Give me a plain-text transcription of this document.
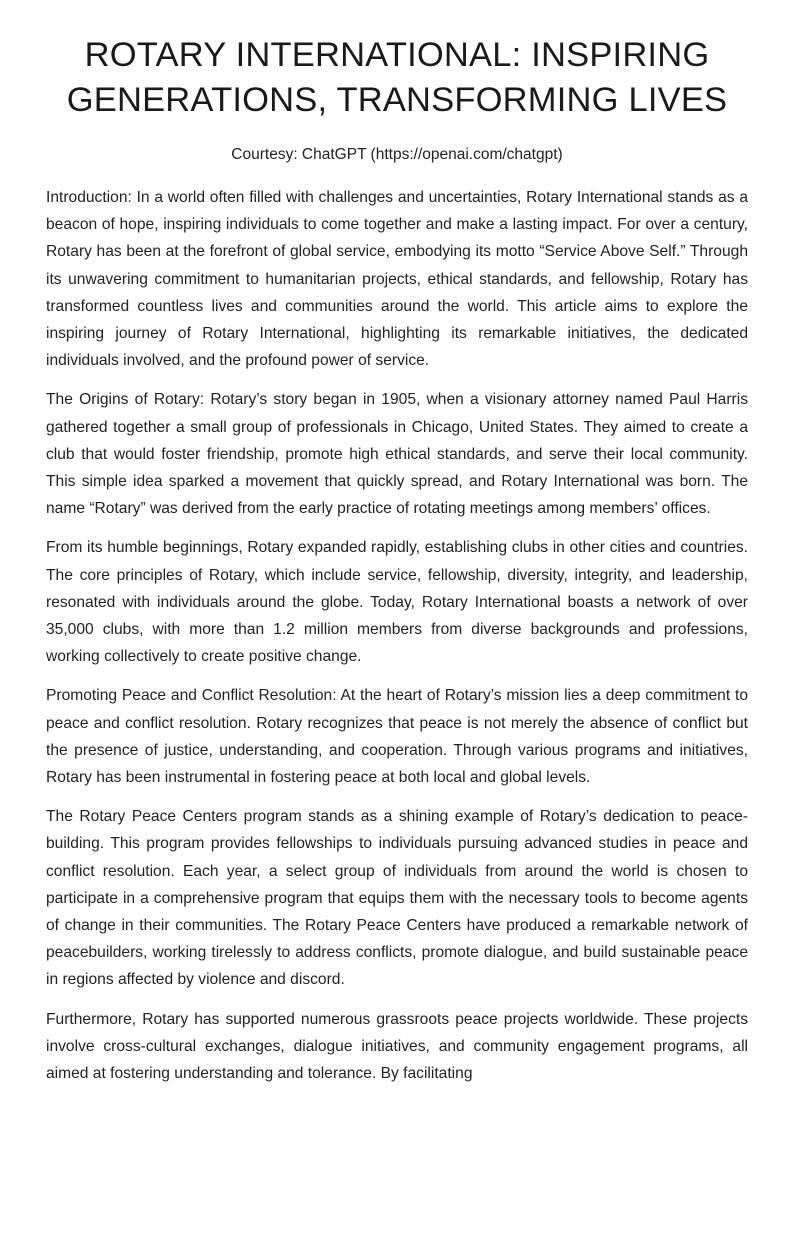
ROTARY INTERNATIONAL: INSPIRING GENERATIONS, TRANSFORMING LIVES
Courtesy: ChatGPT (https://openai.com/chatgpt)

Introduction: In a world often filled with challenges and uncertainties, Rotary International stands as a beacon of hope, inspiring individuals to come together and make a lasting impact. For over a century, Rotary has been at the forefront of global service, embodying its motto “Service Above Self.” Through its unwavering commitment to humanitarian projects, ethical standards, and fellowship, Rotary has transformed countless lives and communities around the world. This article aims to explore the inspiring journey of Rotary International, highlighting its remarkable initiatives, the dedicated individuals involved, and the profound power of service.

The Origins of Rotary: Rotary’s story began in 1905, when a visionary attorney named Paul Harris gathered together a small group of professionals in Chicago, United States. They aimed to create a club that would foster friendship, promote high ethical standards, and serve their local community. This simple idea sparked a movement that quickly spread, and Rotary International was born. The name “Rotary” was derived from the early practice of rotating meetings among members’ offices.

From its humble beginnings, Rotary expanded rapidly, establishing clubs in other cities and countries. The core principles of Rotary, which include service, fellowship, diversity, integrity, and leadership, resonated with individuals around the globe. Today, Rotary International boasts a network of over 35,000 clubs, with more than 1.2 million members from diverse backgrounds and professions, working collectively to create positive change.

Promoting Peace and Conflict Resolution: At the heart of Rotary’s mission lies a deep commitment to peace and conflict resolution. Rotary recognizes that peace is not merely the absence of conflict but the presence of justice, understanding, and cooperation. Through various programs and initiatives, Rotary has been instrumental in fostering peace at both local and global levels.

The Rotary Peace Centers program stands as a shining example of Rotary’s dedication to peace-building. This program provides fellowships to individuals pursuing advanced studies in peace and conflict resolution. Each year, a select group of individuals from around the world is chosen to participate in a comprehensive program that equips them with the necessary tools to become agents of change in their communities. The Rotary Peace Centers have produced a remarkable network of peacebuilders, working tirelessly to address conflicts, promote dialogue, and build sustainable peace in regions affected by violence and discord.

Furthermore, Rotary has supported numerous grassroots peace projects worldwide. These projects involve cross-cultural exchanges, dialogue initiatives, and community engagement programs, all aimed at fostering understanding and tolerance. By facilitating
